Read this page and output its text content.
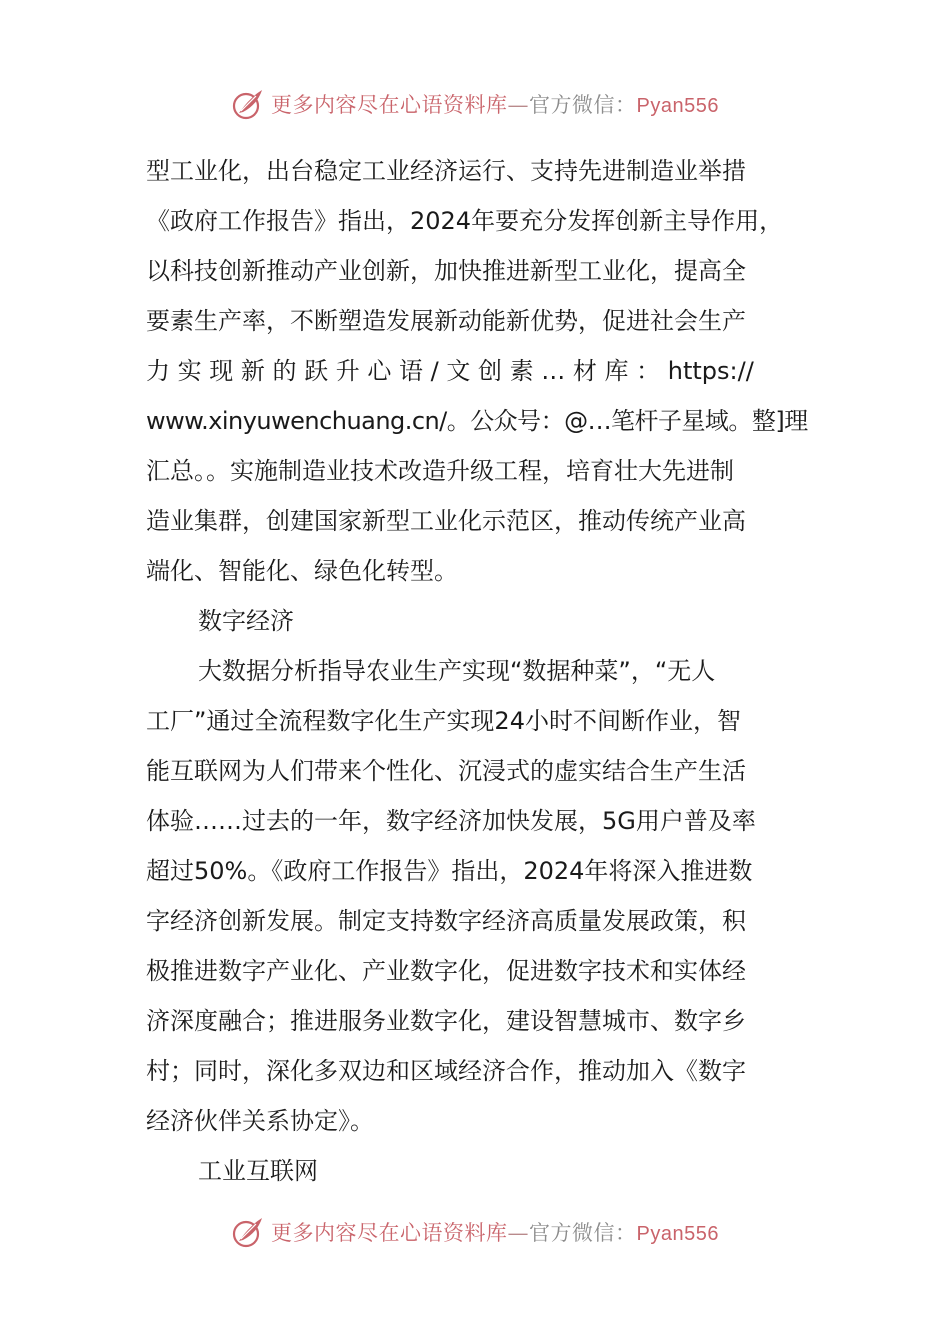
更多内容尽在心语资料库—官方微信：Pyan556
型工业化，出台稳定工业经济运行、支持先进制造业举措
《政府工作报告》指出，2024年要充分发挥创新主导作用，
以科技创新推动产业创新，加快推进新型工业化，提高全
要素生产率，不断塑造发展新动能新优势，促进社会生产
力 实 现 新 的 跃 升 心 语 / 文 创 素 … 材 库 ： https://
www.xinyuwenchuang.cn/。公众号：@…笔杆子星域。整]理
汇总。。实施制造业技术改造升级工程，培育壮大先进制
造业集群，创建国家新型工业化示范区，推动传统产业高
端化、智能化、绿色化转型。
数字经济
大数据分析指导农业生产实现“数据种菜”，“无人
工厂”通过全流程数字化生产实现24小时不间断作业，智
能互联网为人们带来个性化、沉浸式的虚实结合生产生活
体验……过去的一年，数字经济加快发展，5G用户普及率
超过50%。《政府工作报告》指出，2024年将深入推进数
字经济创新发展。制定支持数字经济高质量发展政策，积
极推进数字产业化、产业数字化，促进数字技术和实体经
济深度融合；推进服务业数字化，建设智慧城市、数字乡
村；同时，深化多双边和区域经济合作，推动加入《数字
经济伙伴关系协定》。
工业互联网
更多内容尽在心语资料库—官方微信：Pyan556
